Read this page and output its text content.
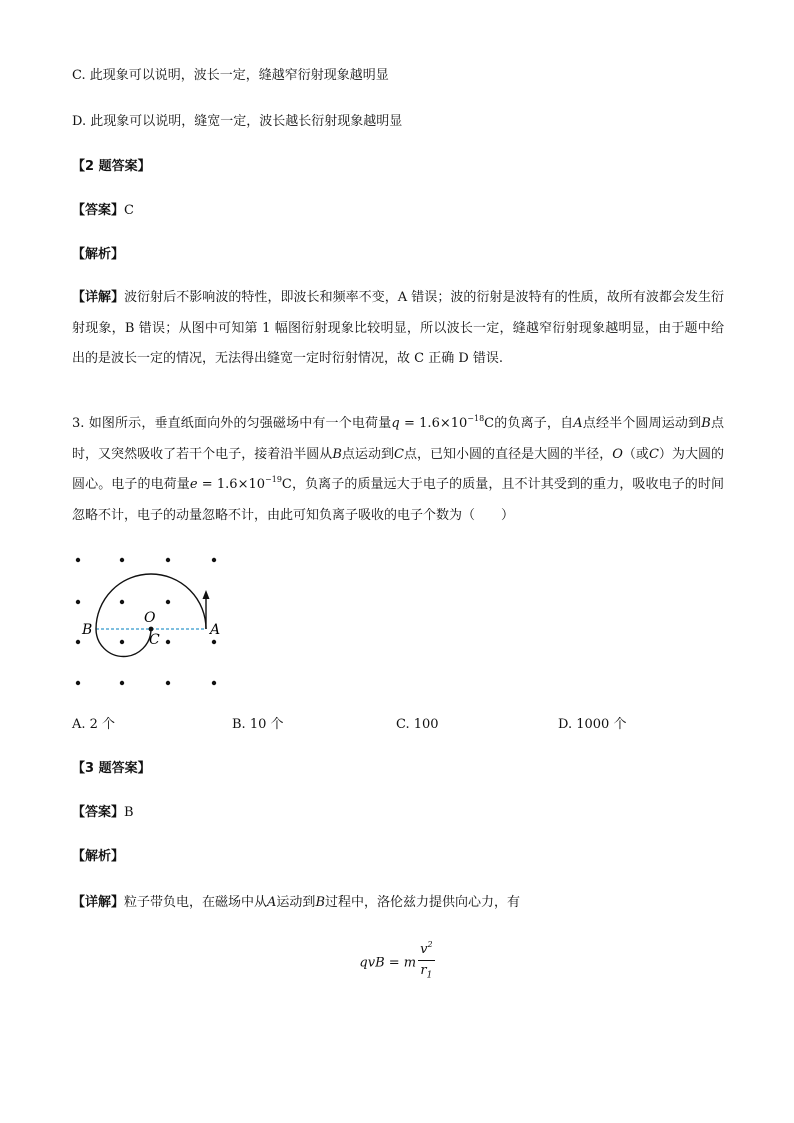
C. 此现象可以说明，波长一定，缝越窄衍射现象越明显
D. 此现象可以说明，缝宽一定，波长越长衍射现象越明显
【2 题答案】
【答案】C
【解析】
【详解】波衍射后不影响波的特性，即波长和频率不变，A 错误；波的衍射是波特有的性质，故所有波都会发生衍射现象，B 错误；从图中可知第 1 幅图衍射现象比较明显，所以波长一定，缝越窄衍射现象越明显，由于题中给出的是波长一定的情况，无法得出缝宽一定时衍射情况，故 C 正确 D 错误.
3. 如图所示，垂直纸面向外的匀强磁场中有一个电荷量$q = 1.6\times 10^{-18}C$的负离子，自A点经半个圆周运动到B点时，又突然吸收了若干个电子，接着沿半圆从B点运动到C点，已知小圆的直径是大圆的半径，O（或C）为大圆的圆心。电子的电荷量$e = 1.6\times 10^{-19}C$，负离子的质量远大于电子的质量，且不计其受到的重力，吸收电子的时间忽略不计，电子的动量忽略不计，由此可知负离子吸收的电子个数为（　　）
B
O
C
A
A. 2 个	B. 10 个	C. 100	D. 1000 个
【3 题答案】
【答案】B
【解析】
【详解】粒子带负电，在磁场中从A运动到B过程中，洛伦兹力提供向心力，有
qvB = m $\frac{v^2}{r_1}$
